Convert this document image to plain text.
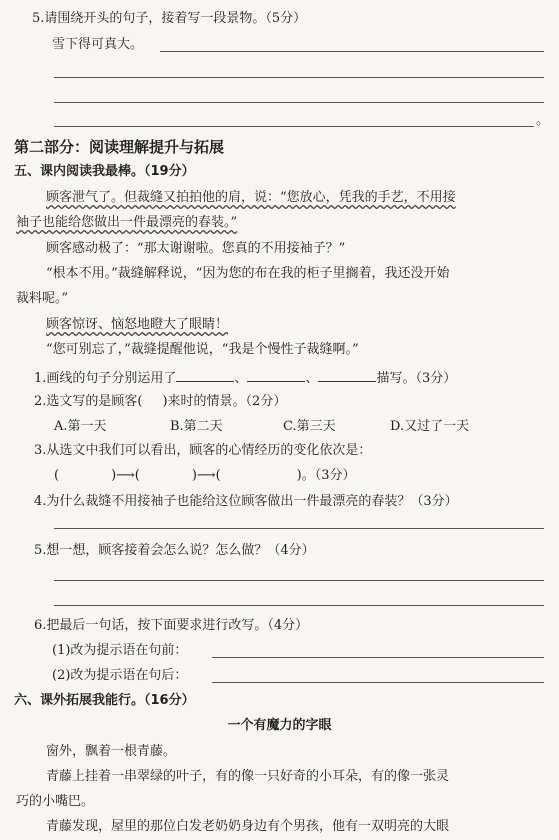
5.请围绕开头的句子，接着写一段景物。（5分）
雪下得可真大。
。
第二部分：阅读理解提升与拓展
五、课内阅读我最棒。（19分）
顾客泄气了。但裁缝又拍拍他的肩，说：“您放心，凭我的手艺，不用接
袖子也能给您做出一件最漂亮的春装。”
顾客感动极了：“那太谢谢啦。您真的不用接袖子？”
“根本不用。”裁缝解释说，“因为您的布在我的柜子里搁着，我还没开始
裁料呢。”
顾客惊讶、恼怒地瞪大了眼睛！
“您可别忘了，”裁缝提醒他说，“我是个慢性子裁缝啊。”
1.画线的句子分别运用了	、	、	描写。（3分）
2.选文写的是顾客( )来时的情景。（2分）
A.第一天	B.第二天	C.第三天	D.又过了一天
3.从选文中我们可以看出，顾客的心情经历的变化依次是：
(	)⟶(	)⟶(	)。（3分）
4.为什么裁缝不用接袖子也能给这位顾客做出一件最漂亮的春装？（3分）
5.想一想，顾客接着会怎么说？怎么做？（4分）
6.把最后一句话，按下面要求进行改写。（4分）
(1)改为提示语在句前：
(2)改为提示语在句后：
六、课外拓展我能行。（16分）
一个有魔力的字眼
窗外，飘着一根青藤。
青藤上挂着一串翠绿的叶子，有的像一只好奇的小耳朵，有的像一张灵
巧的小嘴巴。
青藤发现，屋里的那位白发老奶奶身边有个男孩，他有一双明亮的大眼
